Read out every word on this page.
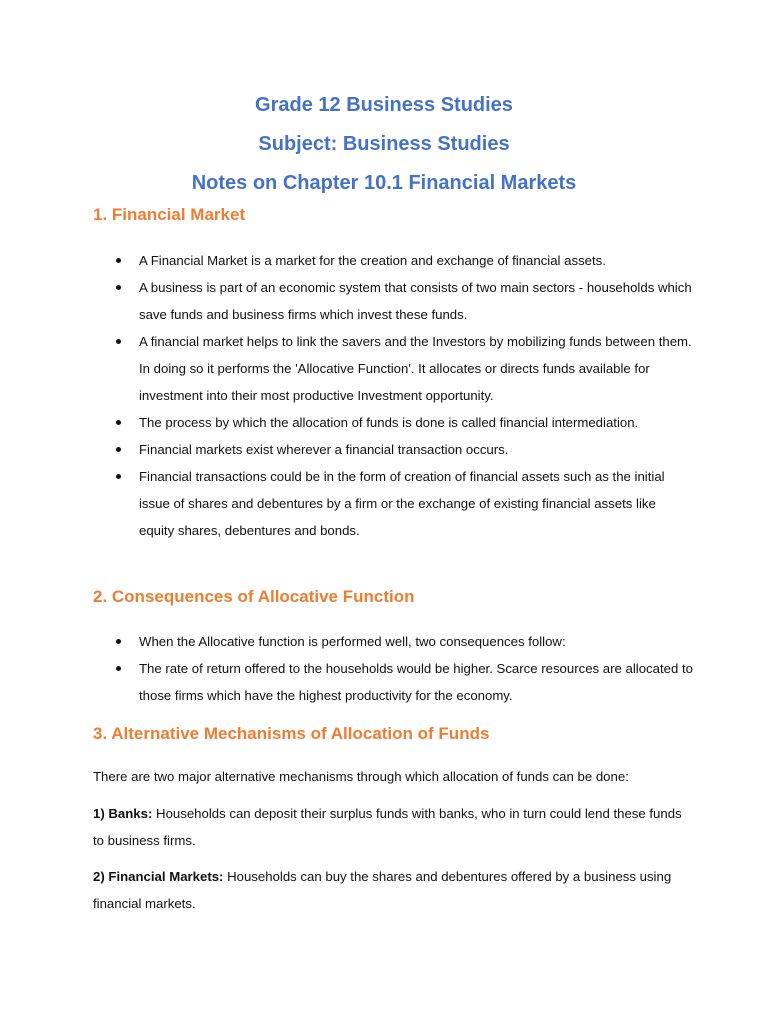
Grade 12 Business Studies
Subject: Business Studies
Notes on Chapter 10.1 Financial Markets
1. Financial Market
A Financial Market is a market for the creation and exchange of financial assets.
A business is part of an economic system that consists of two main sectors - households which save funds and business firms which invest these funds.
A financial market helps to link the savers and the Investors by mobilizing funds between them. In doing so it performs the 'Allocative Function'. It allocates or directs funds available for investment into their most productive Investment opportunity.
The process by which the allocation of funds is done is called financial intermediation.
Financial markets exist wherever a financial transaction occurs.
Financial transactions could be in the form of creation of financial assets such as the initial issue of shares and debentures by a firm or the exchange of existing financial assets like equity shares, debentures and bonds.
2. Consequences of Allocative Function
When the Allocative function is performed well, two consequences follow:
The rate of return offered to the households would be higher. Scarce resources are allocated to those firms which have the highest productivity for the economy.
3. Alternative Mechanisms of Allocation of Funds
There are two major alternative mechanisms through which allocation of funds can be done:
1) Banks: Households can deposit their surplus funds with banks, who in turn could lend these funds to business firms.
2) Financial Markets: Households can buy the shares and debentures offered by a business using financial markets.
